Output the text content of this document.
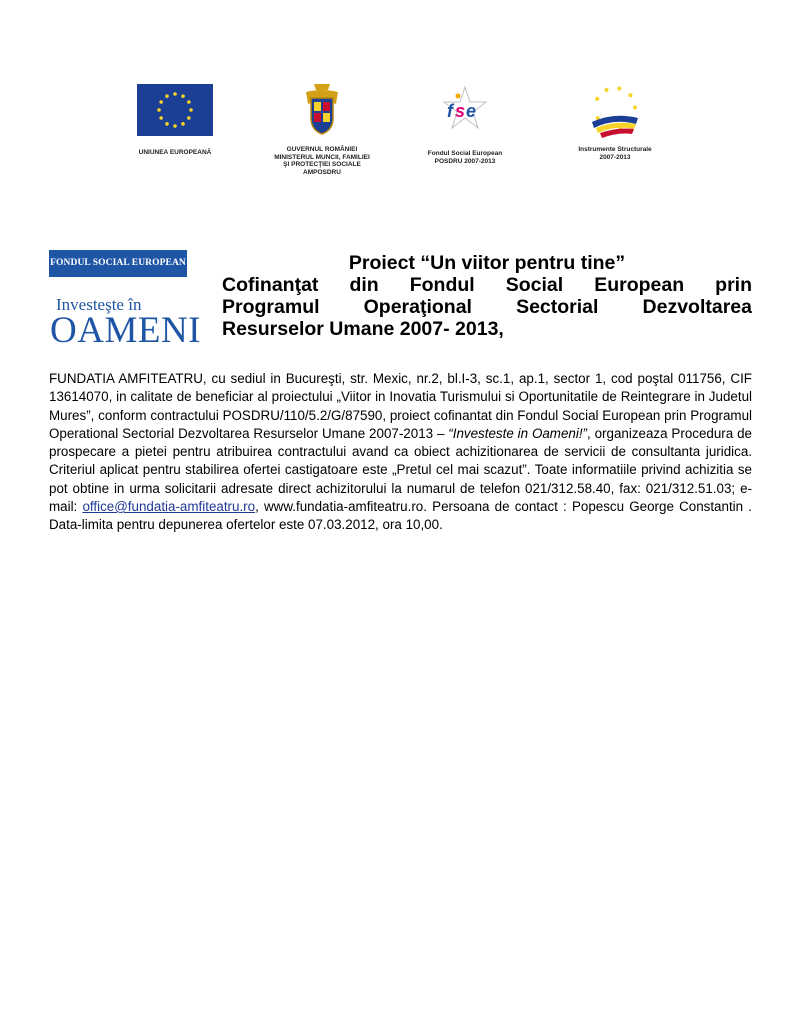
UNIUNEA EUROPEANĂ	GUVERNUL ROMÂNIEI
MINISTERUL MUNCII, FAMILIEI
ŞI PROTECŢIEI SOCIALE
AMPOSDRU
f s e
Fondul Social European
POSDRU 2007-2013
Instrumente Structurale
2007-2013
FONDUL SOCIAL EUROPEAN
Investeşte în
OAMENI
Proiect “Un viitor pentru tine”
Cofinanţat din Fondul Social European prin
Programul Operaţional Sectorial Dezvoltarea
Resurselor Umane 2007- 2013,
FUNDATIA AMFITEATRU, cu sediul in Bucureşti, str. Mexic, nr.2, bl.I-3, sc.1, ap.1, sector 1, cod poştal 011756, CIF 13614070, in calitate de beneficiar al proiectului „Viitor in Inovatia Turismului si Oportunitatile de Reintegrare in Judetul Mures”, conform contractului POSDRU/110/5.2/G/87590, proiect cofinantat din Fondul Social European prin Programul Operational Sectorial Dezvoltarea Resurselor Umane 2007-2013 – “Investeste in Oameni!”, organizeaza Procedura de prospecare a pietei pentru atribuirea contractului avand ca obiect achizitionarea de servicii de consultanta juridica. Criteriul aplicat pentru stabilirea ofertei castigatoare este „Pretul cel mai scazut”. Toate informatiile privind achizitia se pot obtine in urma solicitarii adresate direct achizitorului la numarul de telefon 021/312.58.40, fax: 021/312.51.03; e-mail: office@fundatia-amfiteatru.ro, www.fundatia-amfiteatru.ro. Persoana de contact : Popescu George Constantin . Data-limita pentru depunerea ofertelor este 07.03.2012, ora 10,00.
